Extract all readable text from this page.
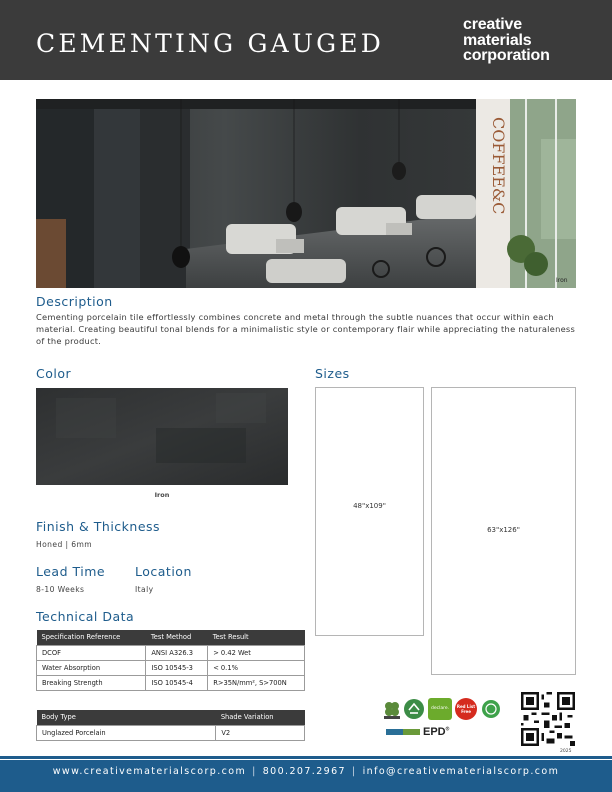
CEMENTING GAUGED
creative
materials
corporation
COFFEE&C
Iron
Description
Cementing porcelain tile effortlessly combines concrete and metal through the subtle nuances that occur within each material. Creating beautiful tonal blends for a minimalistic style or contemporary flair while appreciating the naturaleness of the product.
Color
Iron
Sizes
48"x109"
63"x126"
Finish & Thickness
Honed | 6mm
Lead Time
8-10 Weeks
Location
Italy
Technical Data
Specification Reference	Test Method	Test Result
DCOF	ANSI A326.3	> 0.42 Wet
Water Absorption	ISO 10545-3	< 0.1%
Breaking Strength	ISO 10545-4	R>35N/mm², S>700N
Body Type	Shade Variation
Unglazed Porcelain	V2
declare.	Red List Free
EPD®
2025
www.creativematerialscorp.com | 800.207.2967 | info@creativematerialscorp.com
